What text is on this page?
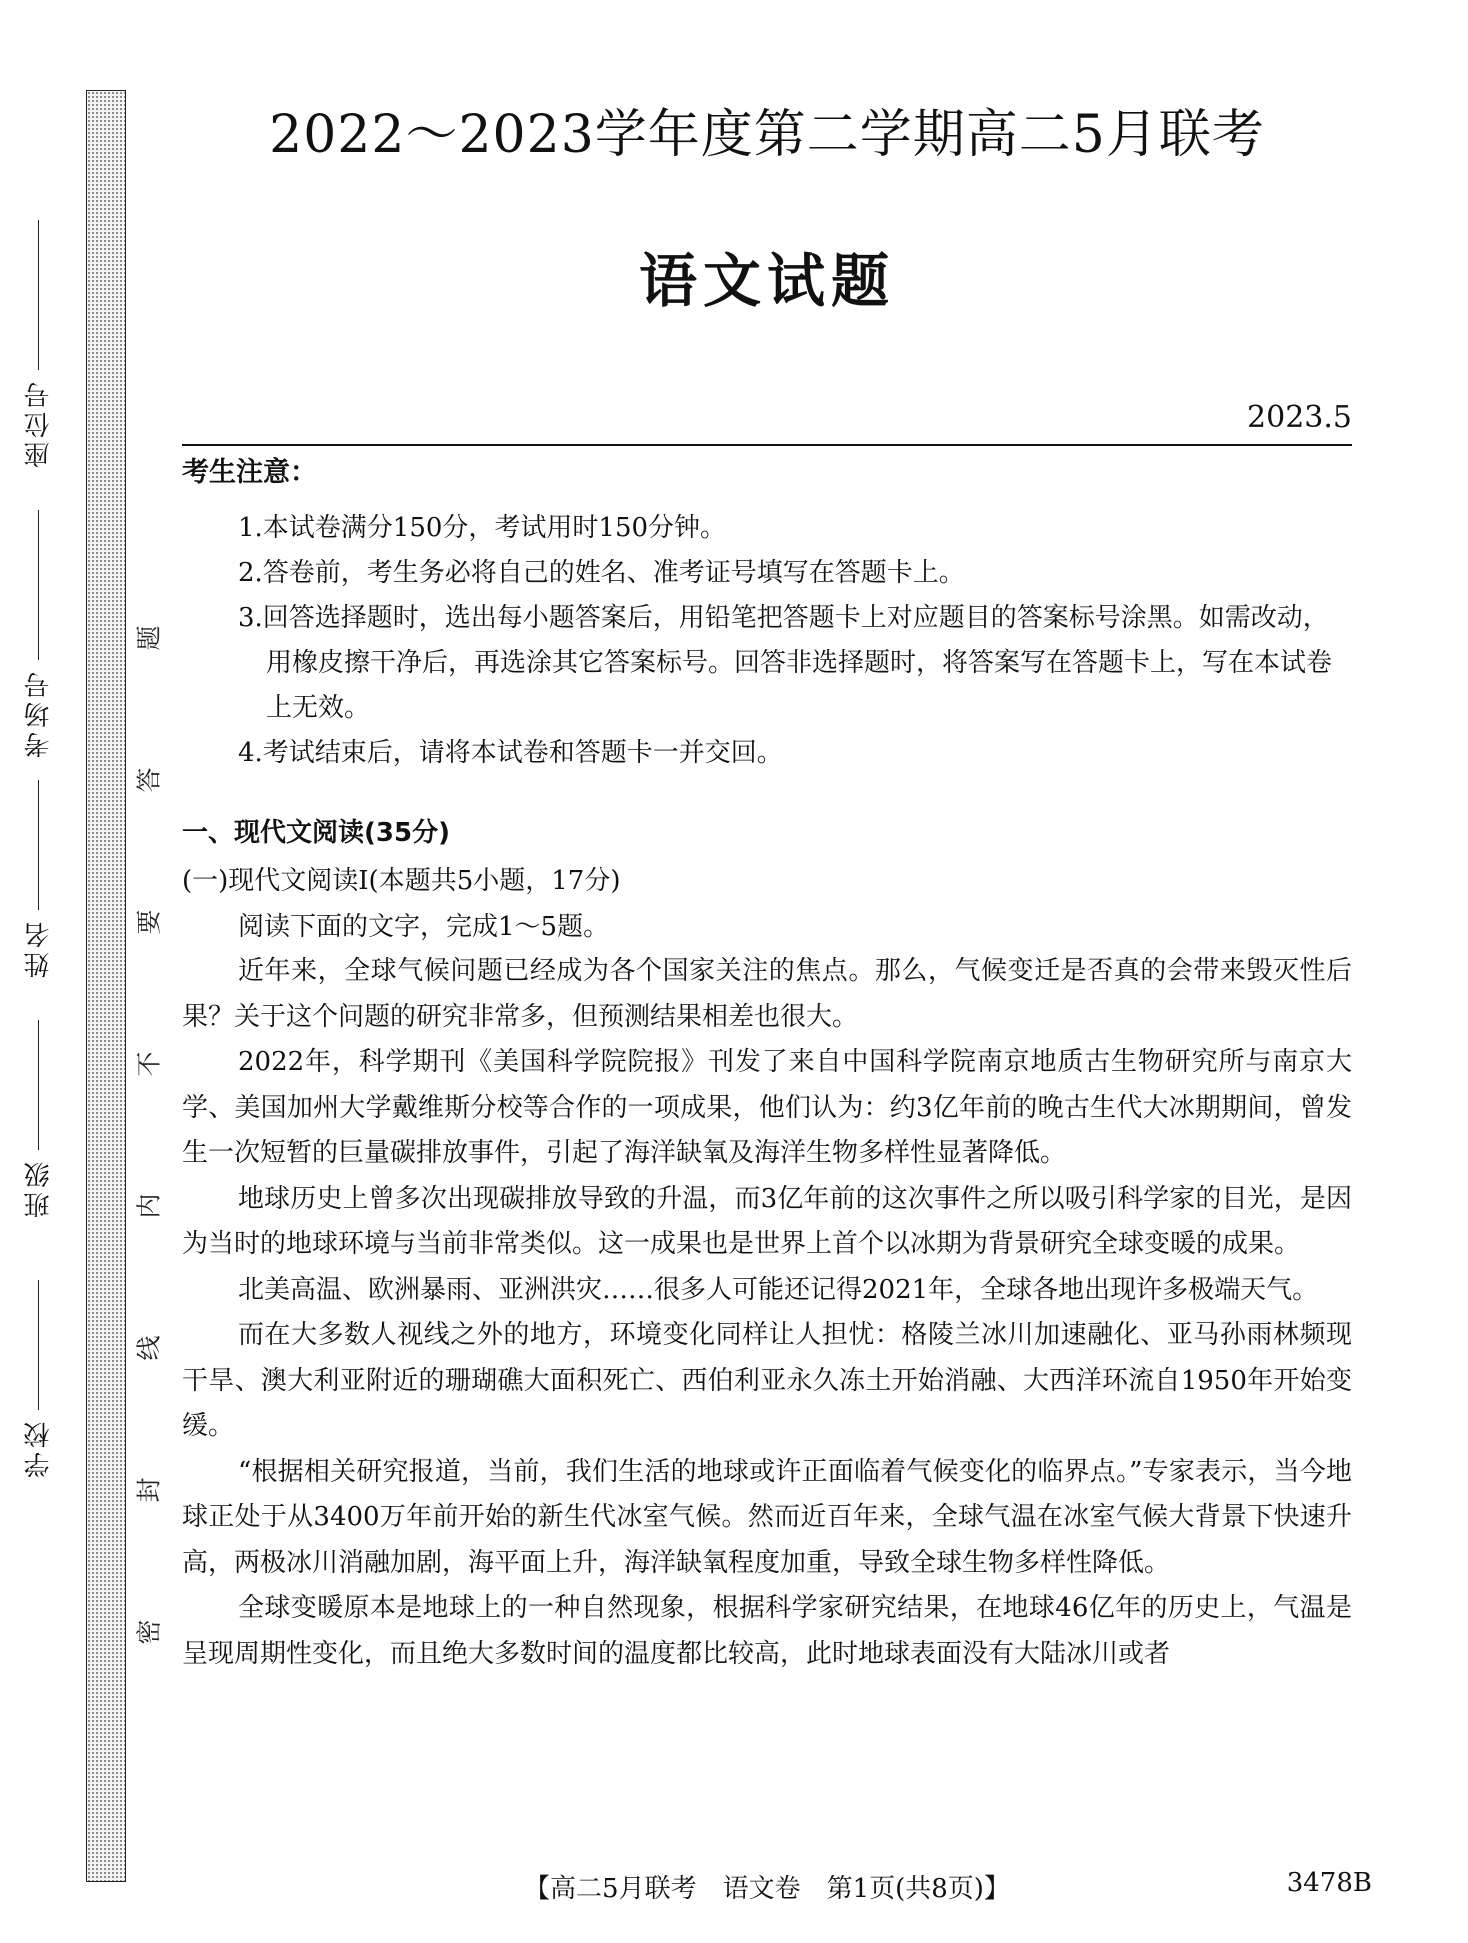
学校
班级
姓名
考场号
座位号
题
答
要
不
内
线
封
密
2022～2023学年度第二学期高二5月联考
语文试题
2023.5
考生注意：
1.本试卷满分150分，考试用时150分钟。
2.答卷前，考生务必将自己的姓名、准考证号填写在答题卡上。
3.回答选择题时，选出每小题答案后，用铅笔把答题卡上对应题目的答案标号涂黑。如需改动，用橡皮擦干净后，再选涂其它答案标号。回答非选择题时，将答案写在答题卡上，写在本试卷上无效。
4.考试结束后，请将本试卷和答题卡一并交回。
一、现代文阅读(35分)
(一)现代文阅读Ⅰ(本题共5小题，17分)
阅读下面的文字，完成1～5题。

近年来，全球气候问题已经成为各个国家关注的焦点。那么，气候变迁是否真的会带来毁灭性后果？关于这个问题的研究非常多，但预测结果相差也很大。

2022年，科学期刊《美国科学院院报》刊发了来自中国科学院南京地质古生物研究所与南京大学、美国加州大学戴维斯分校等合作的一项成果，他们认为：约3亿年前的晚古生代大冰期期间，曾发生一次短暂的巨量碳排放事件，引起了海洋缺氧及海洋生物多样性显著降低。

地球历史上曾多次出现碳排放导致的升温，而3亿年前的这次事件之所以吸引科学家的目光，是因为当时的地球环境与当前非常类似。这一成果也是世界上首个以冰期为背景研究全球变暖的成果。

北美高温、欧洲暴雨、亚洲洪灾……很多人可能还记得2021年，全球各地出现许多极端天气。

而在大多数人视线之外的地方，环境变化同样让人担忧：格陵兰冰川加速融化、亚马孙雨林频现干旱、澳大利亚附近的珊瑚礁大面积死亡、西伯利亚永久冻土开始消融、大西洋环流自1950年开始变缓。

“根据相关研究报道，当前，我们生活的地球或许正面临着气候变化的临界点。”专家表示，当今地球正处于从3400万年前开始的新生代冰室气候。然而近百年来，全球气温在冰室气候大背景下快速升高，两极冰川消融加剧，海平面上升，海洋缺氧程度加重，导致全球生物多样性降低。

全球变暖原本是地球上的一种自然现象，根据科学家研究结果，在地球46亿年的历史上，气温是呈现周期性变化，而且绝大多数时间的温度都比较高，此时地球表面没有大陆冰川或者

【高二5月联考　语文卷　第1页(共8页)】	3478B
